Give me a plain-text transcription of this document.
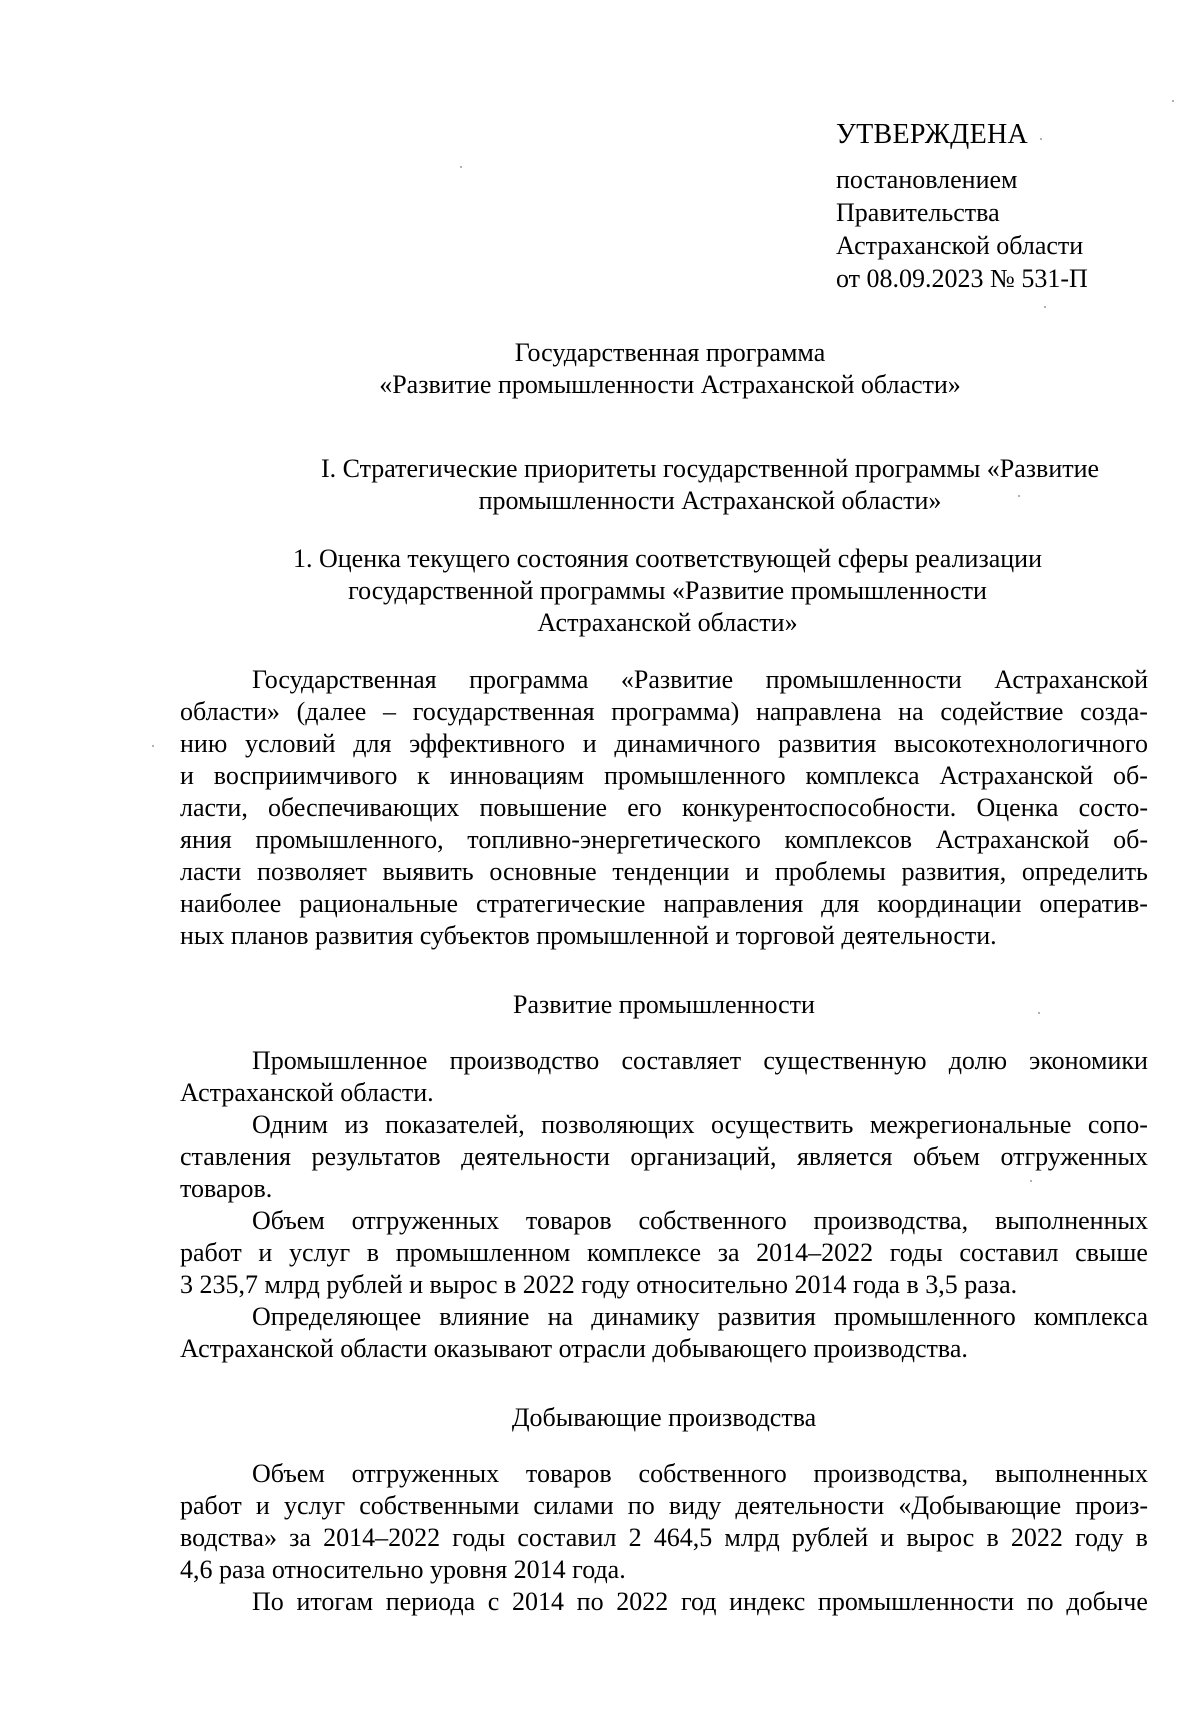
УТВЕРЖДЕНА
постановлением
Правительства
Астраханской области
от 08.09.2023 № 531-П
Государственная программа
«Развитие промышленности Астраханской области»
I. Стратегические приоритеты государственной программы «Развитие
промышленности Астраханской области»
1. Оценка текущего состояния соответствующей сферы реализации
государственной программы «Развитие промышленности
Астраханской области»
Государственная программа «Развитие промышленности Астраханской
области» (далее – государственная программа) направлена на содействие созда-
нию условий для эффективного и динамичного развития высокотехнологичного
и восприимчивого к инновациям промышленного комплекса Астраханской об-
ласти, обеспечивающих повышение его конкурентоспособности. Оценка состо-
яния промышленного, топливно-энергетического комплексов Астраханской об-
ласти позволяет выявить основные тенденции и проблемы развития, определить
наиболее рациональные стратегические направления для координации оператив-
ных планов развития субъектов промышленной и торговой деятельности.
Развитие промышленности
Промышленное производство составляет существенную долю экономики
Астраханской области.
Одним из показателей, позволяющих осуществить межрегиональные сопо-
ставления результатов деятельности организаций, является объем отгруженных
товаров.
Объем отгруженных товаров собственного производства, выполненных
работ и услуг в промышленном комплексе за 2014–2022 годы составил свыше
3 235,7 млрд рублей и вырос в 2022 году относительно 2014 года в 3,5 раза.
Определяющее влияние на динамику развития промышленного комплекса
Астраханской области оказывают отрасли добывающего производства.
Добывающие производства
Объем отгруженных товаров собственного производства, выполненных
работ и услуг собственными силами по виду деятельности «Добывающие произ-
водства» за 2014–2022 годы составил 2 464,5 млрд рублей и вырос в 2022 году в
4,6 раза относительно уровня 2014 года.
По итогам периода с 2014 по 2022 год индекс промышленности по добыче
